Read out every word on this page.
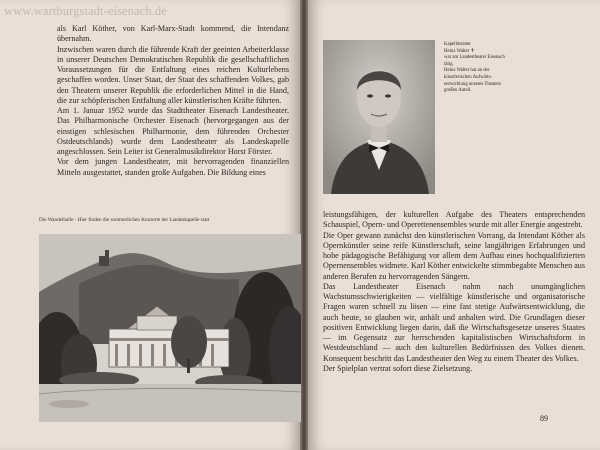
www.wartburgstadt-eisenach.de

als Karl Köther, von Karl-Marx-Stadt kommend, die Intendanz übernahm.

Inzwischen waren durch die führende Kraft der geeinten Arbeiterklasse in unserer Deutschen Demokratischen Republik die gesellschaftlichen Voraussetzungen für die Entfaltung eines reichen Kulturlebens geschaffen worden. Unser Staat, der Staat des schaffenden Volkes, gab den Theatern unserer Republik die erforderlichen Mittel in die Hand, die zur schöpferischen Entfaltung aller künstlerischen Kräfte führten.

Am 1. Januar 1952 wurde das Stadttheater Eisenach Landestheater. Das Philharmonische Orchester Eisenach (hervorgegangen aus der einstigen schlesischen Philharmonie, dem führenden Orchester Ostdeutschlands) wurde dem Landestheater als Landeskapelle angeschlossen. Sein Leiter ist Generalmusikdirektor Horst Förster.

Vor dem jungen Landestheater, mit hervorragenden finanziellen Mitteln ausgestattet, standen große Aufgaben. Die Bildung eines

Die Wandelhalle · Hier finden die sommerlichen Konzerte der Landeskapelle statt
Kapellmeister
Heinz Walter ✝
war am Landestheater Eisenach
tätig.
Heinz Walter hat an der
künstlerischen Aufwärts-
entwicklung unseres Theaters
großen Anteil.

leistungsfähigen, der kulturellen Aufgabe des Theaters entsprechenden Schauspiel, Opern- und Operettenensembles wurde mit aller Energie angestrebt.

Die Oper gewann zunächst den künstlerischen Vorrang, da Intendant Köther als Opernkünstler seine reife Künstlerschaft, seine langjährigen Erfahrungen und hohe pädagogische Befähigung vor allem dem Aufbau eines hochqualifizierten Opernensembles widmete. Karl Köther entwickelte stimmbegabte Menschen aus anderen Berufen zu hervorragenden Sängern.

Das Landestheater Eisenach nahm nach unumgänglichen Wachstumsschwierigkeiten — vielfältige künstlerische und organisatorische Fragen waren schnell zu lösen — eine fast stetige Aufwärtsentwicklung, die auch heute, so glauben wir, anhält und anhalten wird. Die Grundlagen dieser positiven Entwicklung liegen darin, daß die Wirtschaftsgesetze unseres Staates — im Gegensatz zur herrschenden kapitalistischen Wirtschaftsform in Westdeutschland — auch den kulturellen Bedürfnissen des Volkes dienen. Konsequent beschritt das Landestheater den Weg zu einem Theater des Volkes.

Der Spielplan vertrat sofort diese Zielsetzung.

89
